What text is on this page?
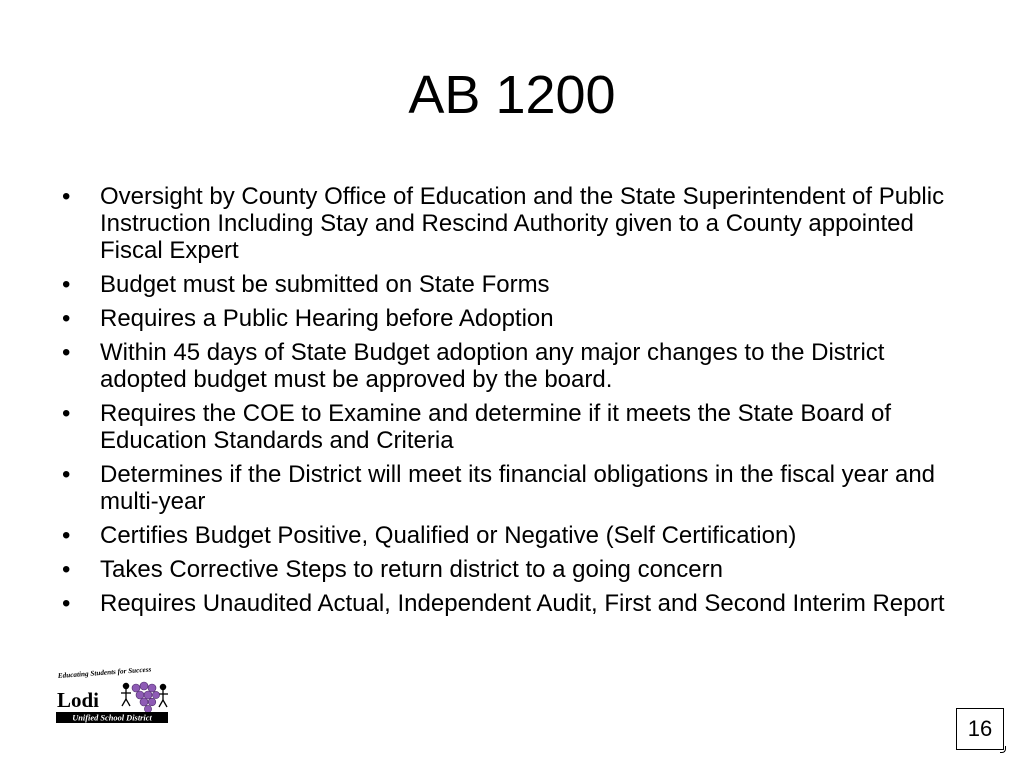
AB 1200
• Oversight by County Office of Education and the State Superintendent of Public Instruction Including Stay and Rescind Authority given to a County appointed Fiscal Expert
• Budget must be submitted on State Forms
• Requires a Public Hearing before Adoption
• Within 45 days of State Budget adoption any major changes to the District adopted budget must be approved by the board.
• Requires the COE to Examine and determine if it meets the State Board of Education Standards and Criteria
• Determines if the District will meet its financial obligations in the fiscal year and multi-year
• Certifies Budget Positive, Qualified or Negative (Self Certification)
• Takes Corrective Steps to return district to a going concern
• Requires Unaudited Actual, Independent Audit, First and Second Interim Report
Educating Students for Success
Lodi
Unified School District	16
